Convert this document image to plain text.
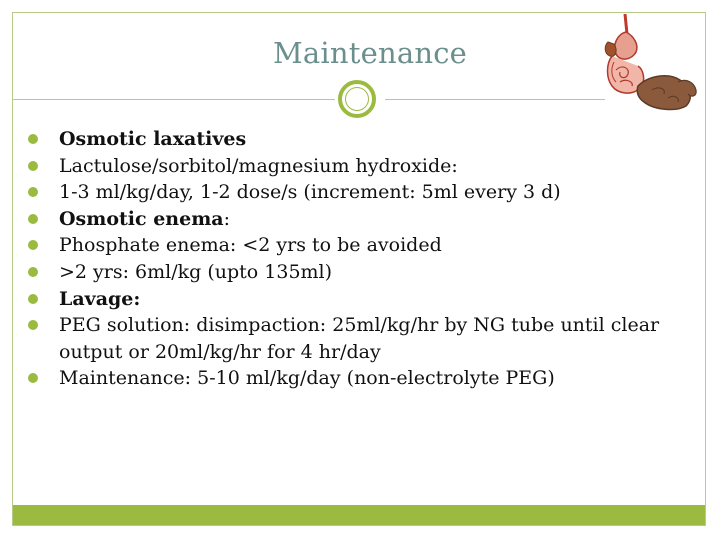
Maintenance
Osmotic laxatives
Lactulose/sorbitol/magnesium hydroxide:
1-3 ml/kg/day, 1-2 dose/s (increment: 5ml every 3 d)
Osmotic enema:
Phosphate enema: <2 yrs to be avoided
>2 yrs: 6ml/kg (upto 135ml)
Lavage:
PEG solution: disimpaction: 25ml/kg/hr by NG tube until clear output or 20ml/kg/hr for 4 hr/day
Maintenance: 5-10 ml/kg/day (non-electrolyte PEG)
